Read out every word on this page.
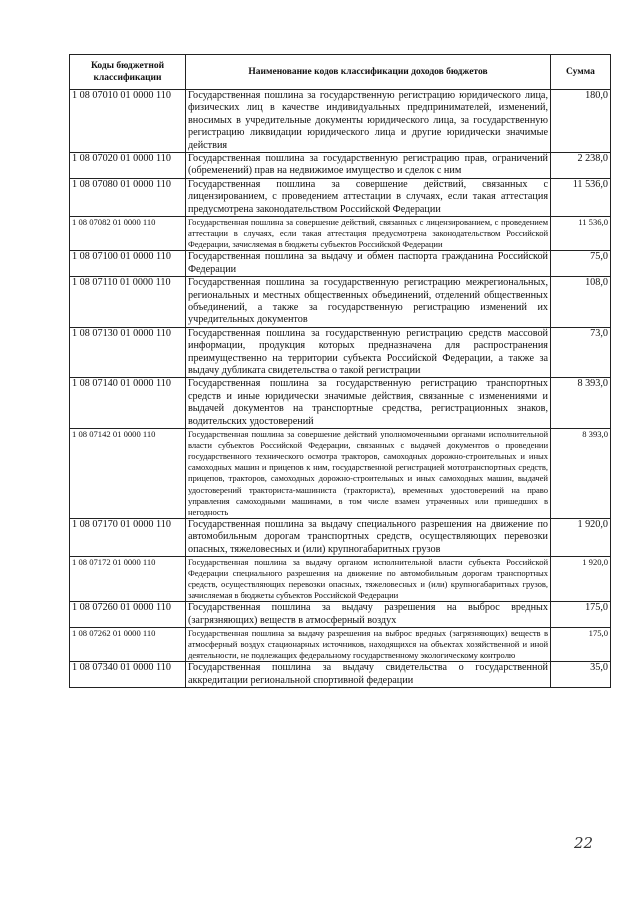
Коды бюджетной классификации	Наименование кодов классификации доходов бюджетов	Сумма
1 08 07010 01 0000 110	Государственная пошлина за государственную регистрацию юридического лица, физических лиц в качестве индивидуальных предпринимателей, изменений, вносимых в учредительные документы юридического лица, за государственную регистрацию ликвидации юридического лица и другие юридически значимые действия	180,0
1 08 07020 01 0000 110	Государственная пошлина за государственную регистрацию прав, ограничений (обременений) прав на недвижимое имущество и сделок с ним	2 238,0
1 08 07080 01 0000 110	Государственная пошлина за совершение действий, связанных с лицензированием, с проведением аттестации в случаях, если такая аттестация предусмотрена законодательством Российской Федерации	11 536,0
1 08 07082 01 0000 110	Государственная пошлина за совершение действий, связанных с лицензированием, с проведением аттестации в случаях, если такая аттестация предусмотрена законодательством Российской Федерации, зачисляемая в бюджеты субъектов Российской Федерации	11 536,0
1 08 07100 01 0000 110	Государственная пошлина за выдачу и обмен паспорта гражданина Российской Федерации	75,0
1 08 07110 01 0000 110	Государственная пошлина за государственную регистрацию межрегиональных, региональных и местных общественных объединений, отделений общественных объединений, а также за государственную регистрацию изменений их учредительных документов	108,0
1 08 07130 01 0000 110	Государственная пошлина за государственную регистрацию средств массовой информации, продукция которых предназначена для распространения преимущественно на территории субъекта Российской Федерации, а также за выдачу дубликата свидетельства о такой регистрации	73,0
1 08 07140 01 0000 110	Государственная пошлина за государственную регистрацию транспортных средств и иные юридически значимые действия, связанные с изменениями и выдачей документов на транспортные средства, регистрационных знаков, водительских удостоверений	8 393,0
1 08 07142 01 0000 110	Государственная пошлина за совершение действий уполномоченными органами исполнительной власти субъектов Российской Федерации, связанных с выдачей документов о проведении государственного технического осмотра тракторов, самоходных дорожно-строительных и иных самоходных машин и прицепов к ним, государственной регистрацией мототранспортных средств, прицепов, тракторов, самоходных дорожно-строительных и иных самоходных машин, выдачей удостоверений тракториста-машиниста (тракториста), временных удостоверений на право управления самоходными машинами, в том числе взамен утраченных или пришедших в негодность	8 393,0
1 08 07170 01 0000 110	Государственная пошлина за выдачу специального разрешения на движение по автомобильным дорогам транспортных средств, осуществляющих перевозки опасных, тяжеловесных и (или) крупногабаритных грузов	1 920,0
1 08 07172 01 0000 110	Государственная пошлина за выдачу органом исполнительной власти субъекта Российской Федерации специального разрешения на движение по автомобильным дорогам транспортных средств, осуществляющих перевозки опасных, тяжеловесных и (или) крупногабаритных грузов, зачисляемая в бюджеты субъектов Российской Федерации	1 920,0
1 08 07260 01 0000 110	Государственная пошлина за выдачу разрешения на выброс вредных (загрязняющих) веществ в атмосферный воздух	175,0
1 08 07262 01 0000 110	Государственная пошлина за выдачу разрешения на выброс вредных (загрязняющих) веществ в атмосферный воздух стационарных источников, находящихся на объектах хозяйственной и иной деятельности, не подлежащих федеральному государственному экологическому контролю	175,0
1 08 07340 01 0000 110	Государственная пошлина за выдачу свидетельства о государственной аккредитации региональной спортивной федерации	35,0
22
